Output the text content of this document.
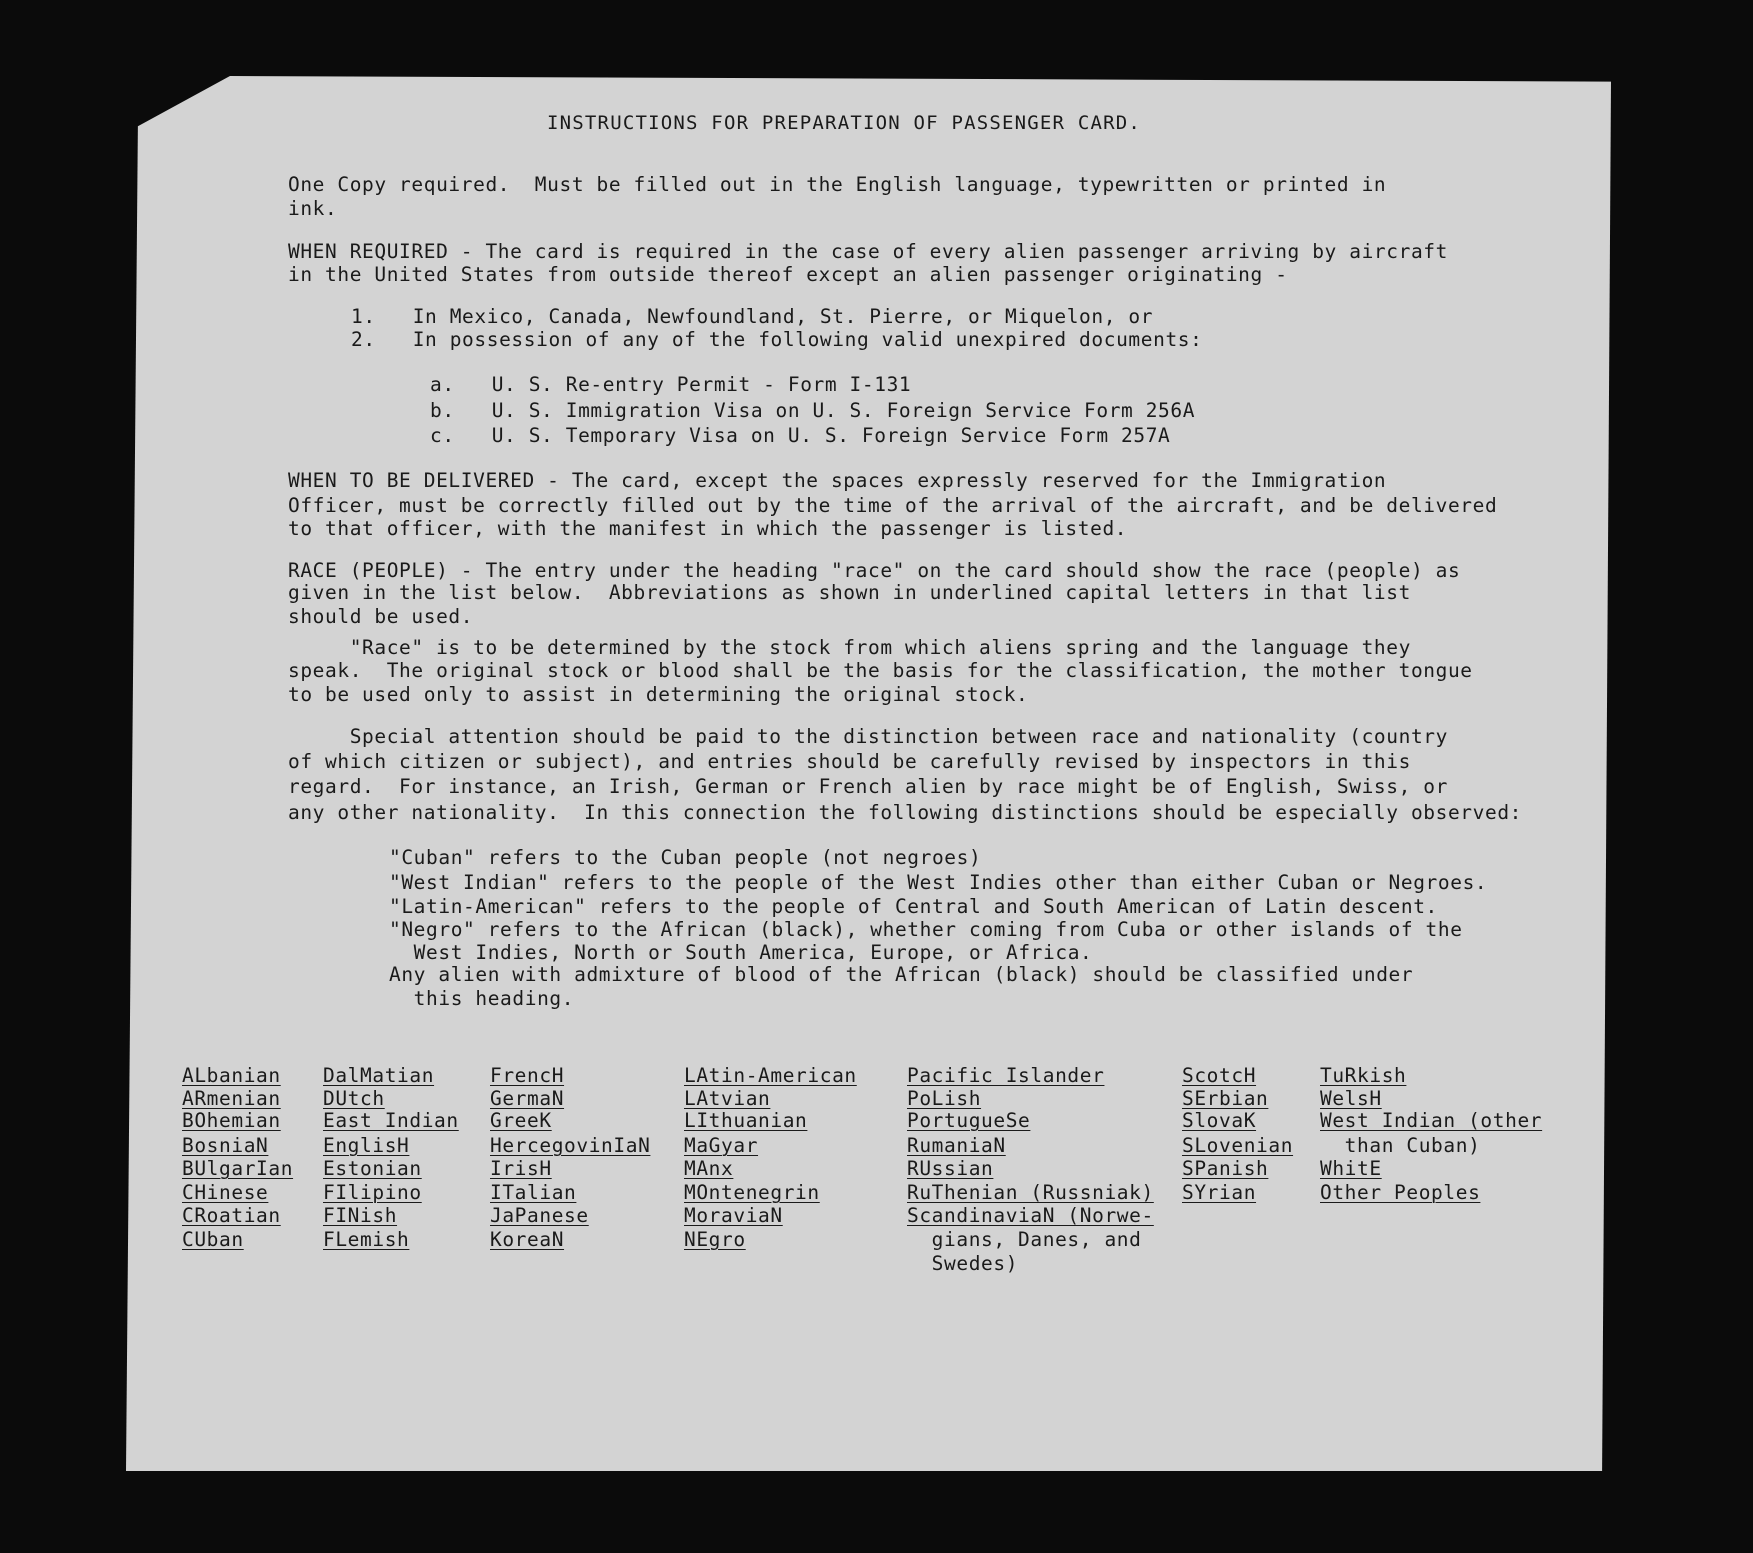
INSTRUCTIONS FOR PREPARATION OF PASSENGER CARD.
One Copy required.  Must be filled out in the English language, typewritten or printed in
ink.
WHEN REQUIRED - The card is required in the case of every alien passenger arriving by aircraft
in the United States from outside thereof except an alien passenger originating -
1.   In Mexico, Canada, Newfoundland, St. Pierre, or Miquelon, or
2.   In possession of any of the following valid unexpired documents:
a.   U. S. Re-entry Permit - Form I-131
b.   U. S. Immigration Visa on U. S. Foreign Service Form 256A
c.   U. S. Temporary Visa on U. S. Foreign Service Form 257A
WHEN TO BE DELIVERED - The card, except the spaces expressly reserved for the Immigration
Officer, must be correctly filled out by the time of the arrival of the aircraft, and be delivered
to that officer, with the manifest in which the passenger is listed.
RACE (PEOPLE) - The entry under the heading "race" on the card should show the race (people) as
given in the list below.  Abbreviations as shown in underlined capital letters in that list
should be used.
"Race" is to be determined by the stock from which aliens spring and the language they
speak.  The original stock or blood shall be the basis for the classification, the mother tongue
to be used only to assist in determining the original stock.
Special attention should be paid to the distinction between race and nationality (country
of which citizen or subject), and entries should be carefully revised by inspectors in this
regard.  For instance, an Irish, German or French alien by race might be of English, Swiss, or
any other nationality.  In this connection the following distinctions should be especially observed:
"Cuban" refers to the Cuban people (not negroes)
"West Indian" refers to the people of the West Indies other than either Cuban or Negroes.
"Latin-American" refers to the people of Central and South American of Latin descent.
"Negro" refers to the African (black), whether coming from Cuba or other islands of the
West Indies, North or South America, Europe, or Africa.
Any alien with admixture of blood of the African (black) should be classified under
this heading.
ALbanian
ARmenian
BOhemian
BosniaN
BUlgarIan
CHinese
CRoatian
CUban
DalMatian
DUtch
East Indian
EnglisH
Estonian
FIlipino
FINish
FLemish
FrencH
GermaN
GreeK
HercegovinIaN
IrisH
ITalian
JaPanese
KoreaN
LAtin-American
LAtvian
LIthuanian
MaGyar
MAnx
MOntenegrin
MoraviaN
NEgro
Pacific Islander
PoLish
PortugueSe
RumaniaN
RUssian
RuThenian (Russniak)
ScandinaviaN (Norwe-
gians, Danes, and
Swedes)
ScotcH
SErbian
SlovaK
SLovenian
SPanish
SYrian
TuRkish
WelsH
West Indian (other
than Cuban)
WhitE
Other Peoples
